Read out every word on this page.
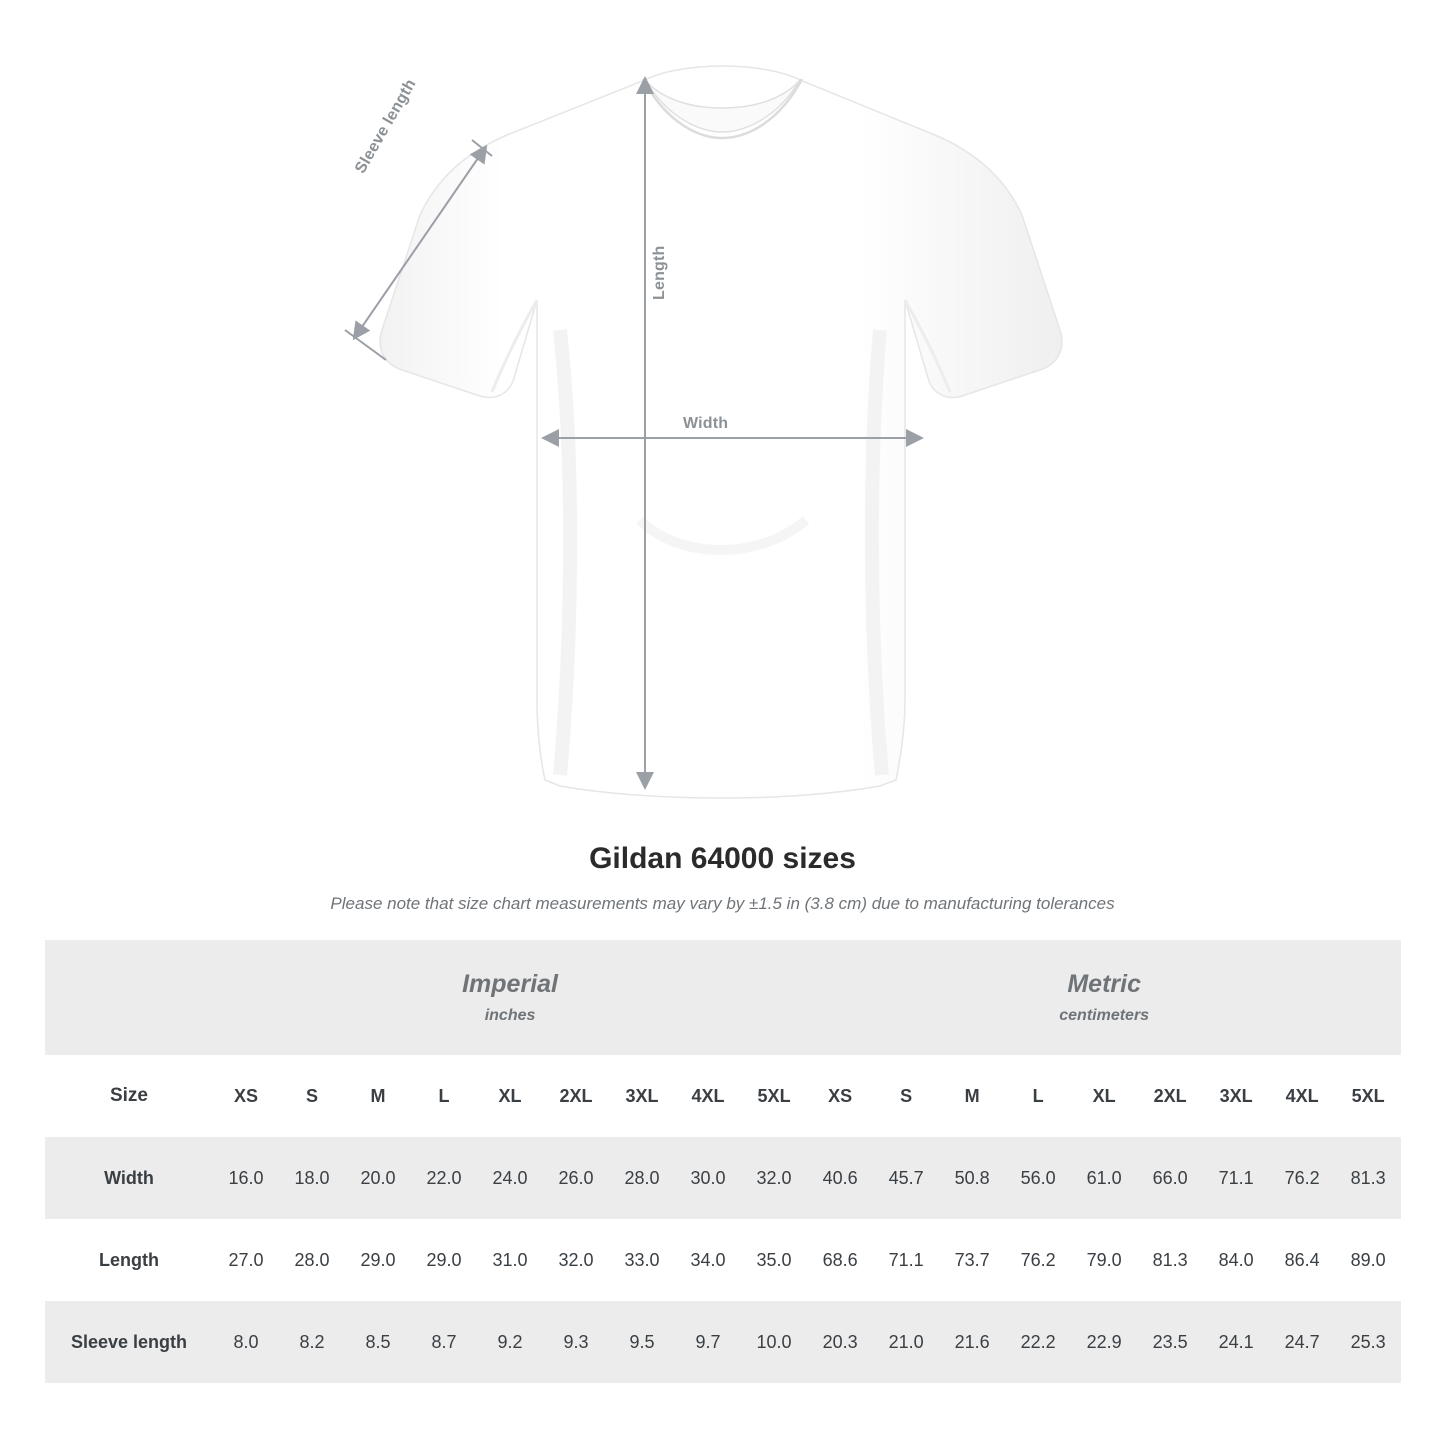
Sleeve length
Length
Width
Gildan 64000 sizes

Please note that size chart measurements may vary by ±1.5 in (3.8 cm) due to manufacturing tolerances

	Imperial
inches									Metric
centimeters								

Size	XS	S	M	L	XL	2XL	3XL	4XL	5XL	XS	S	M	L	XL	2XL	3XL	4XL	5XL
Width	16.0	18.0	20.0	22.0	24.0	26.0	28.0	30.0	32.0	40.6	45.7	50.8	56.0	61.0	66.0	71.1	76.2	81.3
Length	27.0	28.0	29.0	29.0	31.0	32.0	33.0	34.0	35.0	68.6	71.1	73.7	76.2	79.0	81.3	84.0	86.4	89.0
Sleeve length	8.0	8.2	8.5	8.7	9.2	9.3	9.5	9.7	10.0	20.3	21.0	21.6	22.2	22.9	23.5	24.1	24.7	25.3
